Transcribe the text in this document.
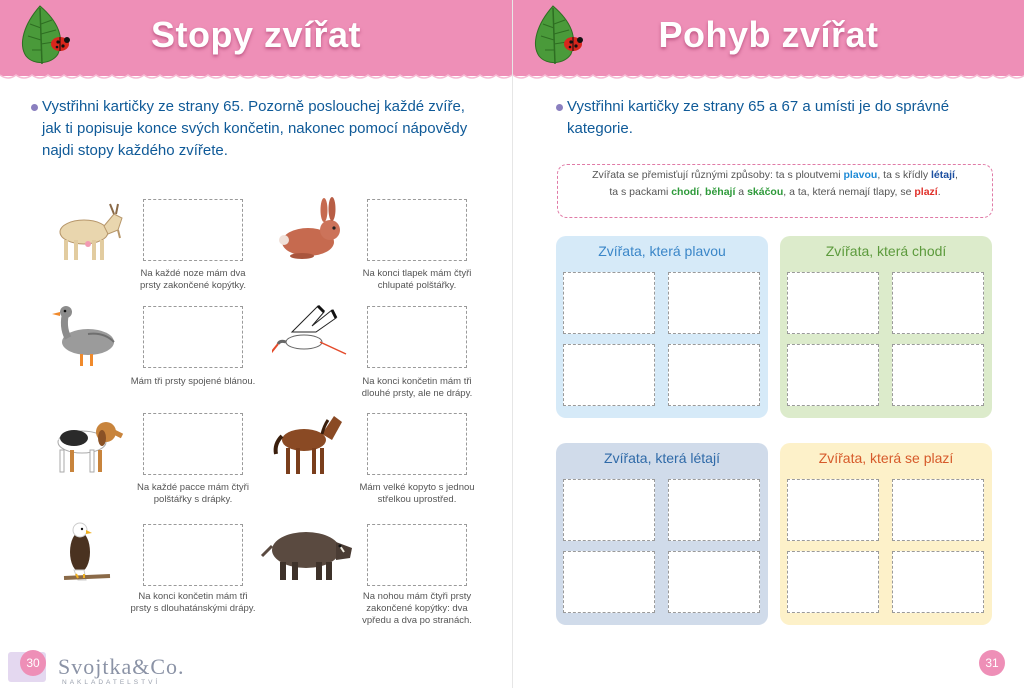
Stopy zvířat
Vystřihni kartičky ze strany 65. Pozorně poslouchej každé zvíře, jak ti popisuje konce svých končetin, nakonec pomocí nápovědy najdi stopy každého zvířete.
Na každé noze mám dva prsty zakončené kopýtky.
Na konci tlapek mám čtyři chlupaté polštářky.
Mám tři prsty spojené blánou.	Na konci končetin mám tři dlouhé prsty, ale ne drápy.
Na každé pacce mám čtyři polštářky s drápky.
Mám velké kopyto s jednou střelkou uprostřed.
Na konci končetin mám tři prsty s dlouhatánskými drápy.
Na nohou mám čtyři prsty zakončené kopýtky: dva vpředu a dva po stranách.
30 Svojtka&Co.
NAKLADATELSTVÍ
Pohyb zvířat
Vystřihni kartičky ze strany 65 a 67 a umísti je do správné kategorie.
Zvířata se přemisťují různými způsoby: ta s ploutvemi plavou, ta s křídly létají,
ta s packami chodí, běhají a skáčou, a ta, která nemají tlapy, se plazí.
Zvířata, která plavou	Zvířata, která chodí
Zvířata, která létají	Zvířata, která se plazí
31
